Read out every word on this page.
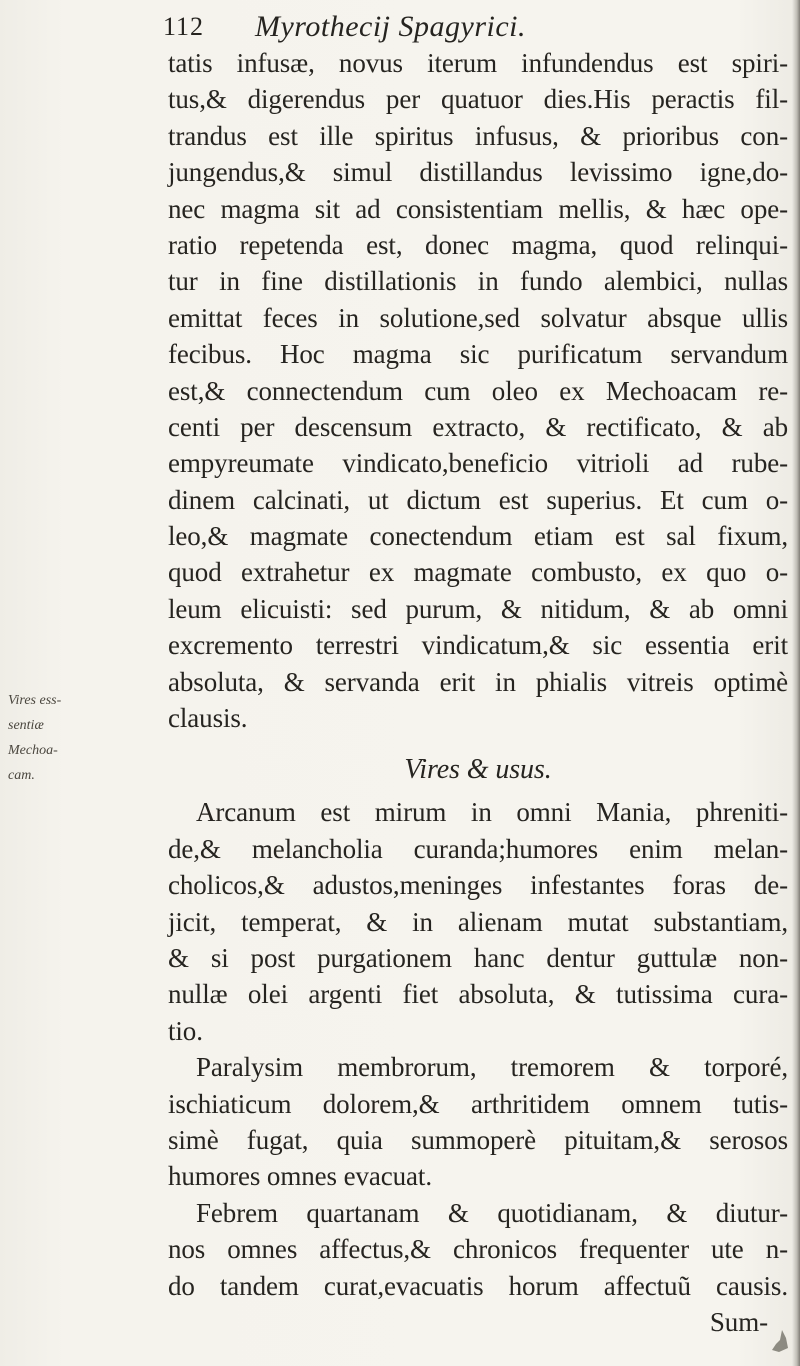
112 Myrothecij Spagyrici.
Vires ess-
sentiæ
Mechoa-
cam.
tatis infusæ, novus iterum infundendus est spiri-
tus,& digerendus per quatuor dies.His peractis fil-
trandus est ille spiritus infusus, & prioribus con-
jungendus,& simul distillandus levissimo igne,do-
nec magma sit ad consistentiam mellis, & hæc ope-
ratio repetenda est, donec magma, quod relinqui-
tur in fine distillationis in fundo alembici, nullas
emittat feces in solutione,sed solvatur absque ullis
fecibus. Hoc magma sic purificatum servandum
est,& connectendum cum oleo ex Mechoacam re-
centi per descensum extracto, & rectificato, & ab
empyreumate vindicato,beneficio vitrioli ad rube-
dinem calcinati, ut dictum est superius. Et cum o-
leo,& magmate conectendum etiam est sal fixum,
quod extrahetur ex magmate combusto, ex quo o-
leum elicuisti: sed purum, & nitidum, & ab omni
excremento terrestri vindicatum,& sic essentia erit
absoluta, & servanda erit in phialis vitreis optimè
clausis.
Vires & usus.
Arcanum est mirum in omni Mania, phreniti-
de,& melancholia curanda;humores enim melan-
cholicos,& adustos,meninges infestantes foras de-
jicit, temperat, & in alienam mutat substantiam,
& si post purgationem hanc dentur guttulæ non-
nullæ olei argenti fiet absoluta, & tutissima cura-
tio.
Paralysim membrorum, tremorem & torporé,
ischiaticum dolorem,& arthritidem omnem tutis-
simè fugat, quia summoperè pituitam,& serosos
humores omnes evacuat.
Febrem quartanam & quotidianam, & diutur-
nos omnes affectus,& chronicos frequenter ute n-
do tandem curat,evacuatis horum affectuũ causis.
Sum-
